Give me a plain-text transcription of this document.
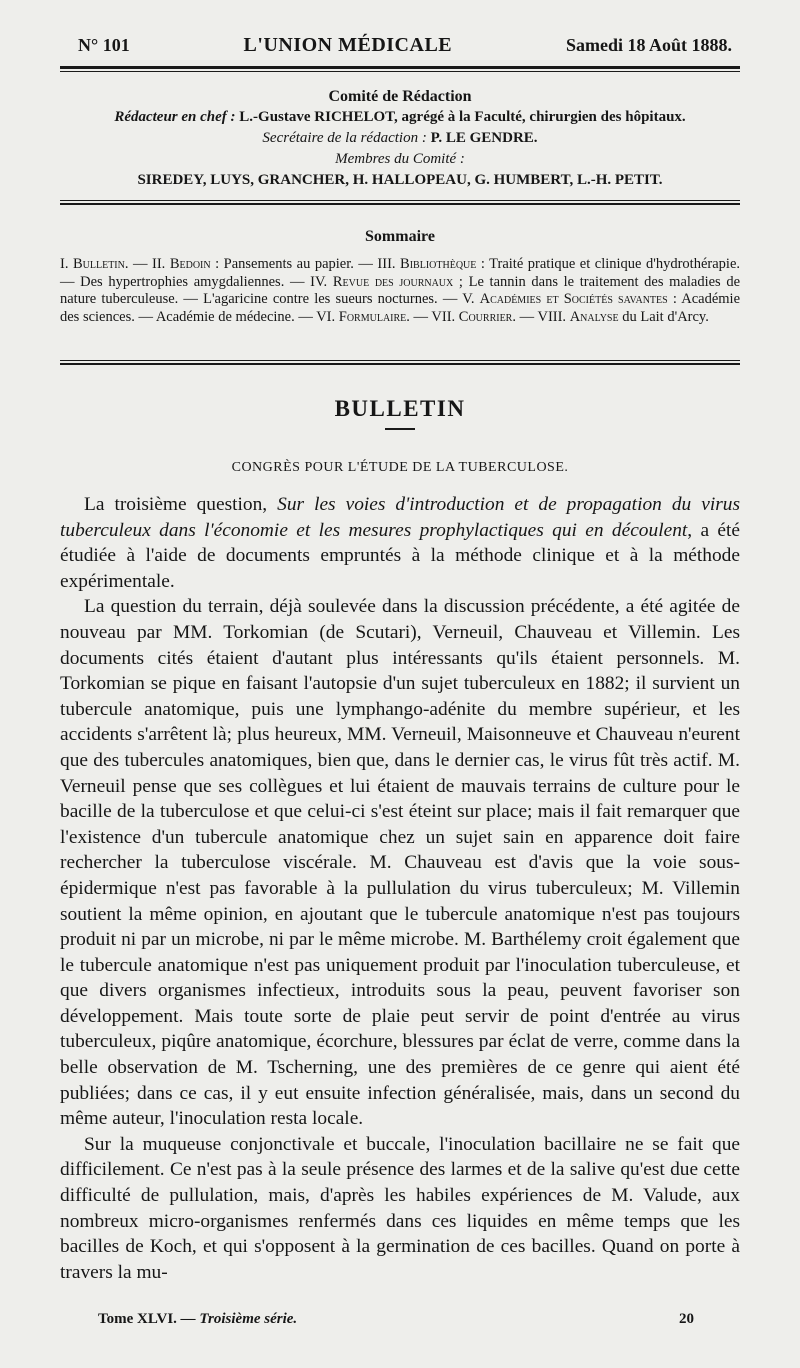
N° 101	L'UNION MÉDICALE	Samedi 18 Août 1888.
Comité de Rédaction
Rédacteur en chef : L.-Gustave RICHELOT, agrégé à la Faculté, chirurgien des hôpitaux.
Secrétaire de la rédaction : P. LE GENDRE.
Membres du Comité :
SIREDEY, LUYS, GRANCHER, H. HALLOPEAU, G. HUMBERT, L.-H. PETIT.
Sommaire
I. Bulletin. — II. Bedoin : Pansements au papier. — III. Bibliothèque : Traité pratique et clinique d'hydrothérapie. — Des hypertrophies amygdaliennes. — IV. Revue des journaux ; Le tannin dans le traitement des maladies de nature tuberculeuse. — L'agaricine contre les sueurs nocturnes. — V. Académies et Sociétés savantes : Académie des sciences. — Académie de médecine. — VI. Formulaire. — VII. Courrier. — VIII. Analyse du Lait d'Arcy.
BULLETIN
CONGRÈS POUR L'ÉTUDE DE LA TUBERCULOSE.

La troisième question, Sur les voies d'introduction et de propagation du virus tuberculeux dans l'économie et les mesures prophylactiques qui en découlent, a été étudiée à l'aide de documents empruntés à la méthode clinique et à la méthode expérimentale.

La question du terrain, déjà soulevée dans la discussion précédente, a été agitée de nouveau par MM. Torkomian (de Scutari), Verneuil, Chauveau et Villemin. Les documents cités étaient d'autant plus intéressants qu'ils étaient personnels. M. Torkomian se pique en faisant l'autopsie d'un sujet tuberculeux en 1882; il survient un tubercule anatomique, puis une lymphango-adénite du membre supérieur, et les accidents s'arrêtent là; plus heureux, MM. Verneuil, Maisonneuve et Chauveau n'eurent que des tubercules anatomiques, bien que, dans le dernier cas, le virus fût très actif. M. Verneuil pense que ses collègues et lui étaient de mauvais terrains de culture pour le bacille de la tuberculose et que celui-ci s'est éteint sur place; mais il fait remarquer que l'existence d'un tubercule anatomique chez un sujet sain en apparence doit faire rechercher la tuberculose viscérale. M. Chauveau est d'avis que la voie sous-épidermique n'est pas favorable à la pullulation du virus tuberculeux; M. Villemin soutient la même opinion, en ajoutant que le tubercule anatomique n'est pas toujours produit ni par un microbe, ni par le même microbe. M. Barthélemy croit également que le tubercule anatomique n'est pas uniquement produit par l'inoculation tuberculeuse, et que divers organismes infectieux, introduits sous la peau, peuvent favoriser son développement. Mais toute sorte de plaie peut servir de point d'entrée au virus tuberculeux, piqûre anatomique, écorchure, blessures par éclat de verre, comme dans la belle observation de M. Tscherning, une des premières de ce genre qui aient été publiées; dans ce cas, il y eut ensuite infection généralisée, mais, dans un second du même auteur, l'inoculation resta locale.

Sur la muqueuse conjonctivale et buccale, l'inoculation bacillaire ne se fait que difficilement. Ce n'est pas à la seule présence des larmes et de la salive qu'est due cette difficulté de pullulation, mais, d'après les habiles expériences de M. Valude, aux nombreux micro-organismes renfermés dans ces liquides en même temps que les bacilles de Koch, et qui s'opposent à la germination de ces bacilles. Quand on porte à travers la mu-

Tome XLVI. — Troisième série.	20
